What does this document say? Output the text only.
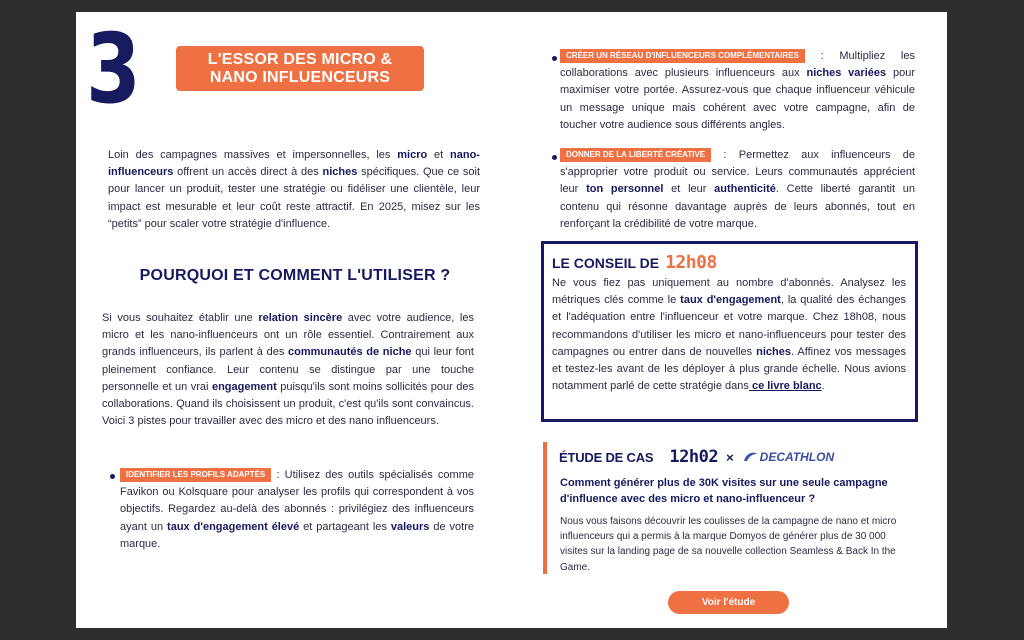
3	L'ESSOR DES MICRO &
NANO INFLUENCEURS

Loin des campagnes massives et impersonnelles, les micro et nano-influenceurs offrent un accès direct à des niches spécifiques. Que ce soit pour lancer un produit, tester une stratégie ou fidéliser une clientèle, leur impact est mesurable et leur coût reste attractif. En 2025, misez sur les “petits” pour scaler votre stratégie d'influence.

POURQUOI ET COMMENT L'UTILISER ?

Si vous souhaitez établir une relation sincère avec votre audience, les micro et les nano-influenceurs ont un rôle essentiel. Contrairement aux grands influenceurs, ils parlent à des communautés de niche qui leur font pleinement confiance. Leur contenu se distingue par une touche personnelle et un vrai engagement puisqu'ils sont moins sollicités pour des collaborations. Quand ils choisissent un produit, c'est qu'ils sont convaincus. Voici 3 pistes pour travailler avec des micro et des nano influenceurs.

IDENTIFIER LES PROFILS ADAPTÉS : Utilisez des outils spécialisés comme Favikon ou Kolsquare pour analyser les profils qui correspondent à vos objectifs. Regardez au-delà des abonnés : privilégiez des influenceurs ayant un taux d'engagement élevé et partageant les valeurs de votre marque.
CRÉER UN RÉSEAU D'INFLUENCEURS COMPLÉMENTAIRES : Multipliez les collaborations avec plusieurs influenceurs aux niches variées pour maximiser votre portée. Assurez-vous que chaque influenceur véhicule un message unique mais cohérent avec votre campagne, afin de toucher votre audience sous différents angles.
DONNER DE LA LIBERTÉ CRÉATIVE : Permettez aux influenceurs de s'approprier votre produit ou service. Leurs communautés apprécient leur ton personnel et leur authenticité. Cette liberté garantit un contenu qui résonne davantage auprès de leurs abonnés, tout en renforçant la crédibilité de votre marque.
LE CONSEIL DE 12h08

Ne vous fiez pas uniquement au nombre d'abonnés. Analysez les métriques clés comme le taux d'engagement, la qualité des échanges et l'adéquation entre l'influenceur et votre marque. Chez 18h08, nous recommandons d'utiliser les micro et nano-influenceurs pour tester des campagnes ou entrer dans de nouvelles niches. Affinez vos messages et testez-les avant de les déployer à plus grande échelle. Nous avions notamment parlé de cette stratégie dans ce livre blanc.

ÉTUDE DE CAS 12h02 × DECATHLON

Comment générer plus de 30K visites sur une seule campagne d'influence avec des micro et nano-influenceur ?

Nous vous faisons découvrir les coulisses de la campagne de nano et micro influenceurs qui a permis à la marque Domyos de générer plus de 30 000 visites sur la landing page de sa nouvelle collection Seamless & Back In the Game.

Voir l'étude
